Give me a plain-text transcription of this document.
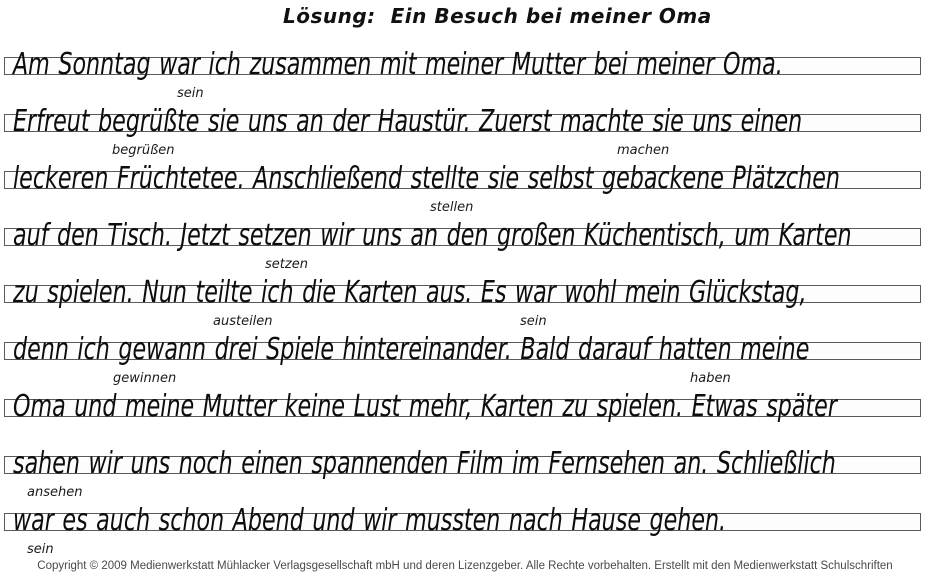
Lösung:  Ein Besuch bei meiner Oma
Am Sonntag war ich zusammen mit meiner Mutter bei meiner Oma.
sein
Erfreut begrüßte sie uns an der Haustür. Zuerst machte sie uns einen
begrüßen	machen
leckeren Früchtetee. Anschließend stellte sie selbst gebackene Plätzchen
stellen
auf den Tisch. Jetzt setzen wir uns an den großen Küchentisch, um Karten
setzen
zu spielen. Nun teilte ich die Karten aus. Es war wohl mein Glückstag,
austeilen	sein
denn ich gewann drei Spiele hintereinander. Bald darauf hatten meine
gewinnen	haben
Oma und meine Mutter keine Lust mehr, Karten zu spielen. Etwas später
sahen wir uns noch einen spannenden Film im Fernsehen an. Schließlich
ansehen
war es auch schon Abend und wir mussten nach Hause gehen.
sein
Copyright © 2009 Medienwerkstatt Mühlacker Verlagsgesellschaft mbH und deren Lizenzgeber. Alle Rechte vorbehalten. Erstellt mit den Medienwerkstatt Schulschriften
